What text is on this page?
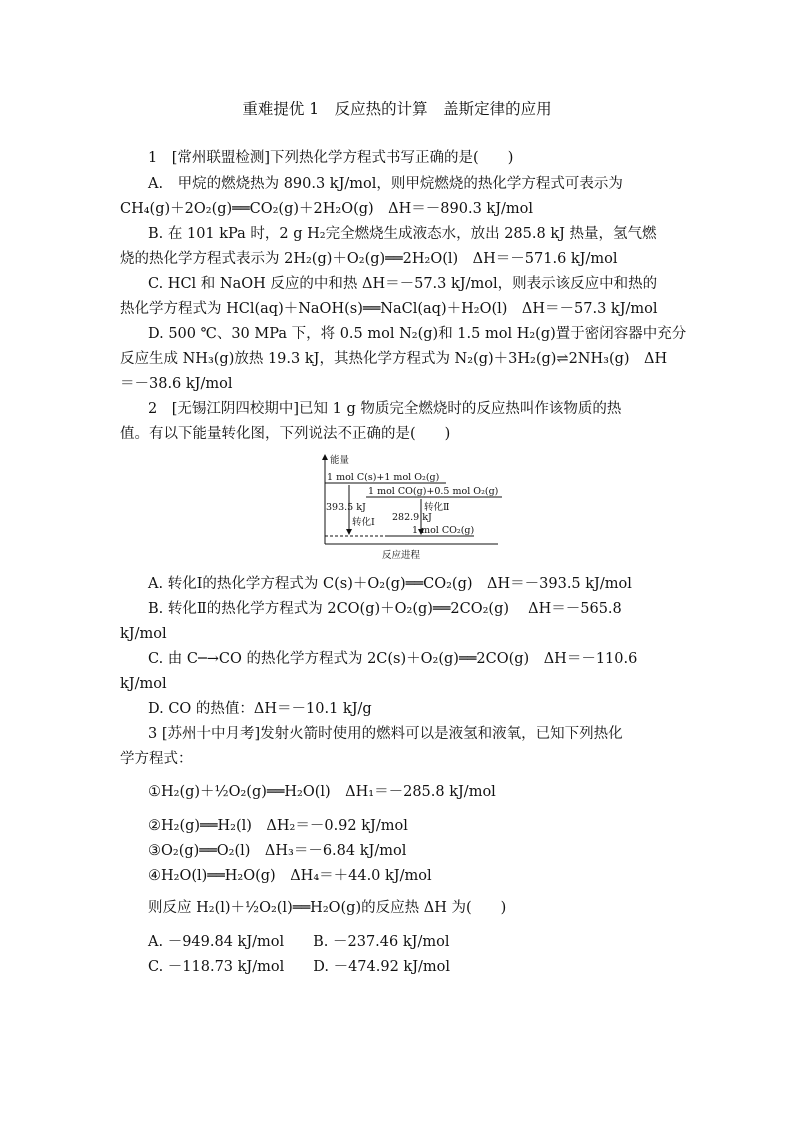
重难提优 1　反应热的计算　盖斯定律的应用
1　[常州联盟检测]下列热化学方程式书写正确的是(　　)
A.　甲烷的燃烧热为 890.3 kJ/mol，则甲烷燃烧的热化学方程式可表示为
CH₄(g)＋2O₂(g)══CO₂(g)＋2H₂O(g)　ΔH＝－890.3 kJ/mol
B. 在 101 kPa 时，2 g H₂完全燃烧生成液态水，放出 285.8 kJ 热量，氢气燃
烧的热化学方程式表示为 2H₂(g)＋O₂(g)══2H₂O(l)　ΔH＝－571.6 kJ/mol
C. HCl 和 NaOH 反应的中和热 ΔH＝－57.3 kJ/mol，则表示该反应中和热的
热化学方程式为 HCl(aq)＋NaOH(s)══NaCl(aq)＋H₂O(l)　ΔH＝－57.3 kJ/mol
D. 500 ℃、30 MPa 下，将 0.5 mol N₂(g)和 1.5 mol H₂(g)置于密闭容器中充分
反应生成 NH₃(g)放热 19.3 kJ，其热化学方程式为 N₂(g)＋3H₂(g)⇌2NH₃(g)　ΔH
＝－38.6 kJ/mol
2　[无锡江阴四校期中]已知 1 g 物质完全燃烧时的反应热叫作该物质的热
值。有以下能量转化图，下列说法不正确的是(　　)
能量
反应进程
1 mol C(s)+1 mol O₂(g)
1 mol CO(g)+0.5 mol O₂(g)
1 mol CO₂(g)
393.5 kJ
转化Ⅰ
转化Ⅱ
282.9 kJ
A. 转化Ⅰ的热化学方程式为 C(s)＋O₂(g)══CO₂(g)　ΔH＝－393.5 kJ/mol
B. 转化Ⅱ的热化学方程式为 2CO(g)＋O₂(g)══2CO₂(g)　 ΔH＝－565.8
kJ/mol
C. 由 C─→CO 的热化学方程式为 2C(s)＋O₂(g)══2CO(g)　ΔH＝－110.6
kJ/mol
D. CO 的热值：ΔH＝－10.1 kJ/g
3 [苏州十中月考]发射火箭时使用的燃料可以是液氢和液氧，已知下列热化
学方程式：
①H₂(g)＋½O₂(g)══H₂O(l)　ΔH₁＝－285.8 kJ/mol
②H₂(g)══H₂(l)　ΔH₂＝－0.92 kJ/mol
③O₂(g)══O₂(l)　ΔH₃＝－6.84 kJ/mol
④H₂O(l)══H₂O(g)　ΔH₄＝＋44.0 kJ/mol
则反应 H₂(l)＋½O₂(l)══H₂O(g)的反应热 ΔH 为(　　)
A. －949.84 kJ/mol　　B. －237.46 kJ/mol
C. －118.73 kJ/mol　　D. －474.92 kJ/mol
